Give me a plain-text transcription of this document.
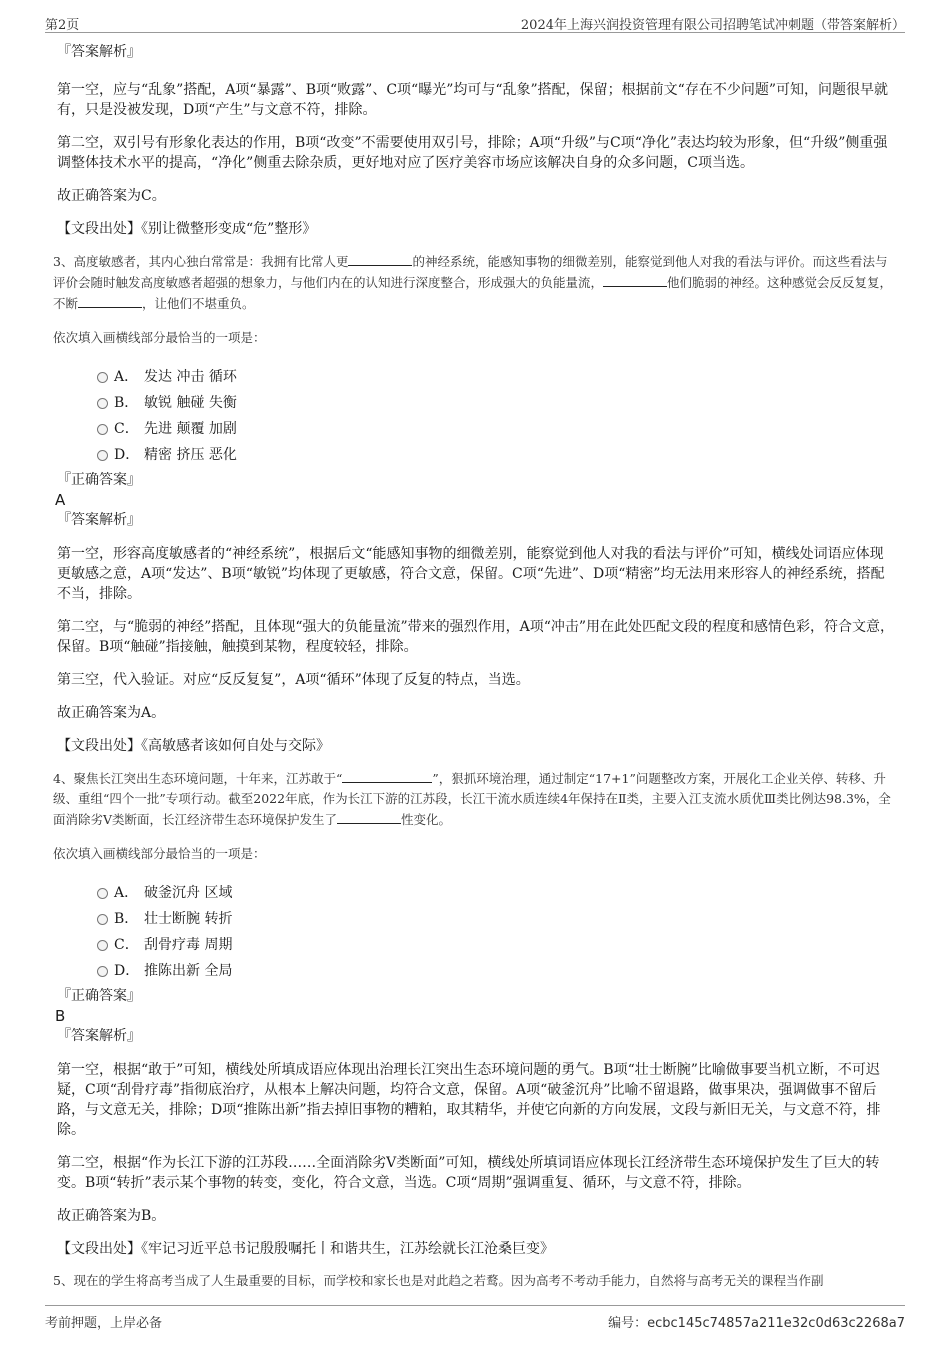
第2页	2024年上海兴润投资管理有限公司招聘笔试冲刺题（带答案解析）

『答案解析』

第一空，应与“乱象”搭配，A项“暴露”、B项“败露”、C项“曝光”均可与“乱象”搭配，保留；根据前文“存在不少问题”可知，问题很早就有，只是没被发现，D项“产生”与文意不符，排除。

第二空，双引号有形象化表达的作用，B项“改变”不需要使用双引号，排除；A项“升级”与C项“净化”表达均较为形象，但“升级”侧重强调整体技术水平的提高，“净化”侧重去除杂质，更好地对应了医疗美容市场应该解决自身的众多问题，C项当选。

故正确答案为C。

【文段出处】《别让微整形变成“危”整形》

3、高度敏感者，其内心独白常常是：我拥有比常人更	的神经系统，能感知事物的细微差别，能察觉到他人对我的看法与评价。而这些看法与评价会随时触发高度敏感者超强的想象力，与他们内在的认知进行深度整合，形成强大的负能量流，	他们脆弱的神经。这种感觉会反反复复，不断	，让他们不堪重负。

依次填入画横线部分最恰当的一项是：

A． 发达 冲击 循环
B． 敏锐 触碰 失衡
C． 先进 颠覆 加剧
D． 精密 挤压 恶化

『正确答案』

A

『答案解析』

第一空，形容高度敏感者的“神经系统”，根据后文“能感知事物的细微差别，能察觉到他人对我的看法与评价”可知，横线处词语应体现更敏感之意，A项“发达”、B项“敏锐”均体现了更敏感，符合文意，保留。C项“先进”、D项“精密”均无法用来形容人的神经系统，搭配不当，排除。

第二空，与“脆弱的神经”搭配，且体现“强大的负能量流”带来的强烈作用，A项“冲击”用在此处匹配文段的程度和感情色彩，符合文意，保留。B项“触碰”指接触，触摸到某物，程度较轻，排除。

第三空，代入验证。对应“反反复复”，A项“循环”体现了反复的特点，当选。

故正确答案为A。

【文段出处】《高敏感者该如何自处与交际》

4、聚焦长江突出生态环境问题，十年来，江苏敢于“	”，狠抓环境治理，通过制定“17+1”问题整改方案，开展化工企业关停、转移、升级、重组“四个一批”专项行动。截至2022年底，作为长江下游的江苏段，长江干流水质连续4年保持在Ⅱ类，主要入江支流水质优Ⅲ类比例达98.3%，全面消除劣Ⅴ类断面，长江经济带生态环境保护发生了	性变化。

依次填入画横线部分最恰当的一项是：

A． 破釜沉舟 区域
B． 壮士断腕 转折
C． 刮骨疗毒 周期
D． 推陈出新 全局

『正确答案』

B

『答案解析』

第一空，根据“敢于”可知，横线处所填成语应体现出治理长江突出生态环境问题的勇气。B项“壮士断腕”比喻做事要当机立断，不可迟疑，C项“刮骨疗毒”指彻底治疗，从根本上解决问题，均符合文意，保留。A项“破釜沉舟”比喻不留退路，做事果决，强调做事不留后路，与文意无关，排除；D项“推陈出新”指去掉旧事物的糟粕，取其精华，并使它向新的方向发展，文段与新旧无关，与文意不符，排除。

第二空，根据“作为长江下游的江苏段……全面消除劣Ⅴ类断面”可知，横线处所填词语应体现长江经济带生态环境保护发生了巨大的转变。B项“转折”表示某个事物的转变，变化，符合文意，当选。C项“周期”强调重复、循环，与文意不符，排除。

故正确答案为B。

【文段出处】《牢记习近平总书记殷殷嘱托丨和谐共生，江苏绘就长江沧桑巨变》

5、现在的学生将高考当成了人生最重要的目标，而学校和家长也是对此趋之若鹜。因为高考不考动手能力，自然将与高考无关的课程当作副

考前押题，上岸必备	编号：ecbc145c74857a211e32c0d63c2268a7
